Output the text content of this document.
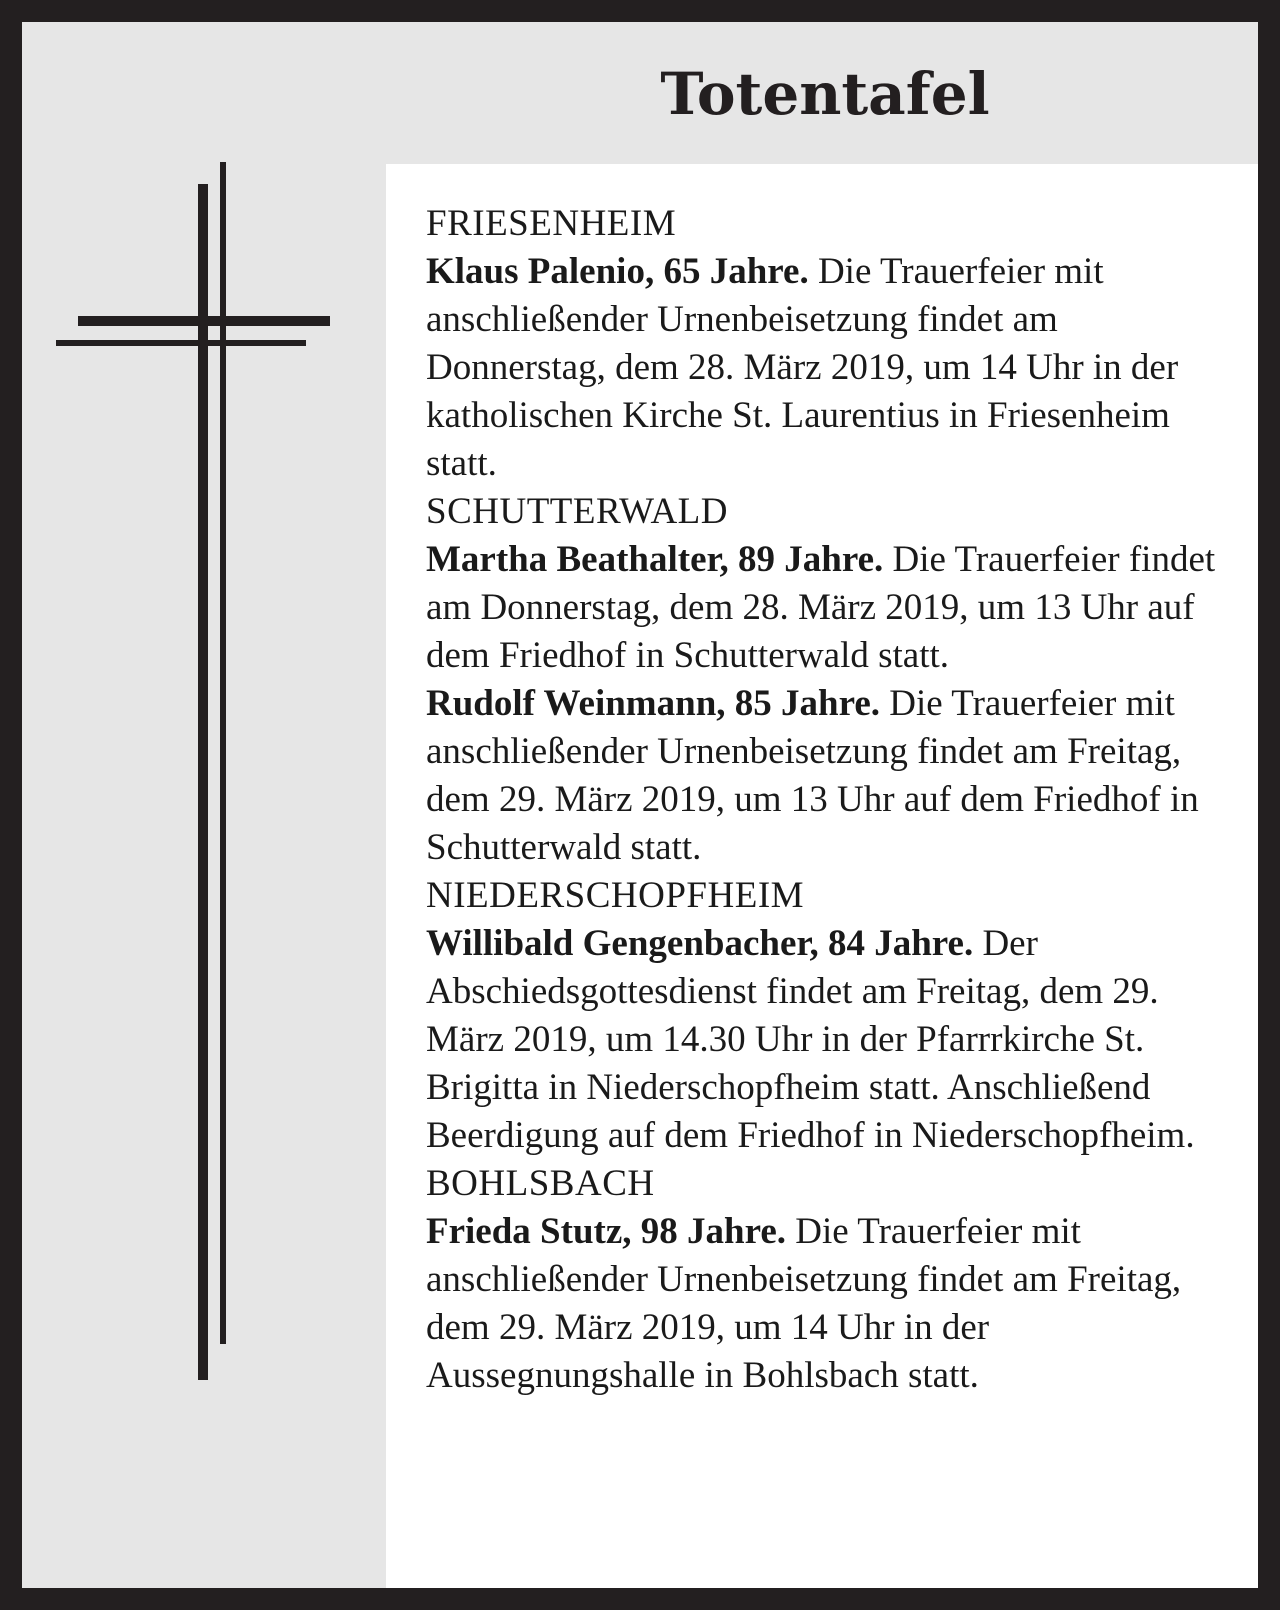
Totentafel
FRIESENHEIM
Klaus Palenio, 65 Jahre. Die Trauerfeier mit anschließender Urnenbeisetzung findet am Donnerstag, dem 28. März 2019, um 14 Uhr in der katholischen Kirche St. Laurentius in Friesenheim statt.
SCHUTTERWALD
Martha Beathalter, 89 Jahre. Die Trauerfeier findet am Donnerstag, dem 28. März 2019, um 13 Uhr auf dem Friedhof in Schutterwald statt.
Rudolf Weinmann, 85 Jahre. Die Trauerfeier mit anschließender Urnenbeisetzung findet am Freitag, dem 29. März 2019, um 13 Uhr auf dem Friedhof in Schutterwald statt.
NIEDERSCHOPFHEIM
Willibald Gengenbacher, 84 Jahre. Der Abschiedsgottesdienst findet am Freitag, dem 29. März 2019, um 14.30 Uhr in der Pfarrrkirche St. Brigitta in Niederschopfheim statt. Anschließend Beerdigung auf dem Friedhof in Niederschopfheim.
BOHLSBACH
Frieda Stutz, 98 Jahre. Die Trauerfeier mit anschließender Urnenbeisetzung findet am Freitag, dem 29. März 2019, um 14 Uhr in der Aussegnungshalle in Bohlsbach statt.
